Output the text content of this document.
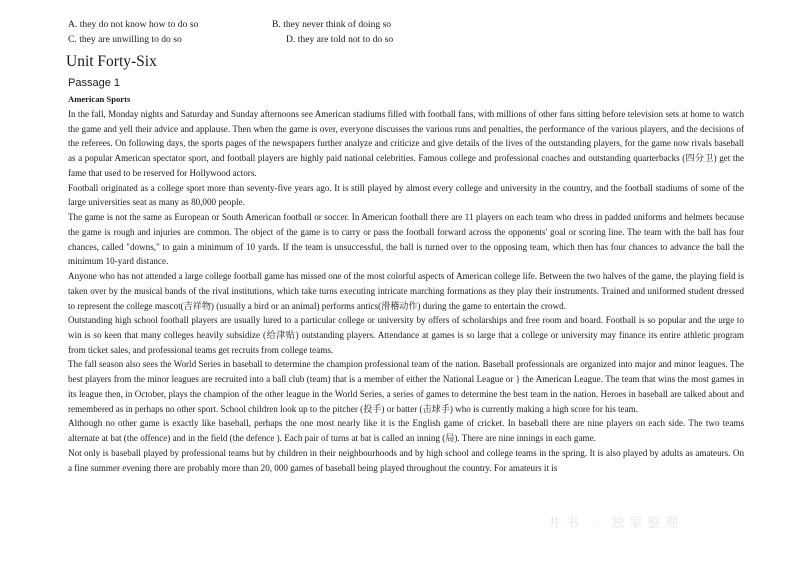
A. they do not know how to do so	B. they never think of doing so
C. they are unwilling to do so	D. they are told not to do so
Unit Forty-Six
Passage 1
American Sports

In the fall, Monday nights and Saturday and Sunday afternoons see American stadiums filled with football fans, with millions of other fans sitting before television sets at home to watch the game and yell their advice and applause. Then when the game is over, everyone discusses the various runs and penalties, the performance of the various players, and the decisions of the referees. On following days, the sports pages of the newspapers further analyze and criticize and give details of the lives of the outstanding players, for the game now rivals baseball as a popular American spectator sport, and football players are highly paid national celebrities. Famous college and professional coaches and outstanding quarterbacks (四分卫) get the fame that used to be reserved for Hollywood actors.

Football originated as a college sport more than seventy-five years ago. It is still played by almost every college and university in the country, and the football stadiums of some of the large universities seat as many as 80,000 people.

The game is not the same as European or South American football or soccer. In American football there are 11 players on each team who dress in padded uniforms and helmets because the game is rough and injuries are common. The object of the game is to carry or pass the football forward across the opponents' goal or scoring line. The team with the ball has four chances, called "downs," to gain a minimum of 10 yards. If the team is unsuccessful, the ball is turned over to the opposing team, which then has four chances to advance the ball the minimum 10-yard distance.

Anyone who has not attended a large college football game has missed one of the most colorful aspects of American college life. Between the two halves of the game, the playing field is taken over by the musical bands of the rival institutions, which take turns executing intricate marching formations as they play their instruments. Trained and uniformed student dressed to represent the college mascot(吉祥物) (usually a bird or an animal) performs antics(滑稽动作) during the game to entertain the crowd.

Outstanding high school football players are usually lured to a particular college or university by offers of scholarships and free room and board. Football is so popular and the urge to win is so keen that many colleges heavily subsidize (给津贴) outstanding players. Attendance at games is so large that a college or university may finance its entire athletic program from ticket sales, and professional teams get recruits from college teams.

The fall season also sees the World Series in baseball to determine the champion professional team of the nation. Baseball professionals are organized into major and minor leagues. The best players from the minor leagues are recruited into a ball club (team) that is a member of either the National League or } the American League. The team that wins the most games in its league then, in October, plays the champion of the other league in the World Series, a series of games to determine the best team in the nation. Heroes in baseball are talked about and remembered as in perhaps no other sport. School children look up to the pitcher (投手) or batter (击球手) who is currently making a high score for his team.

Although no other game is exactly like baseball, perhaps the one most nearly like it is the English game of cricket. In baseball there are nine players on each side. The two teams alternate at bat (the offence) and in the field (the defence ). Each pair of turns at bat is called an inning (局). There are nine innings in each game.

Not only is baseball played by professional teams but by children in their neighbourhoods and by high school and college teams in the spring. It is also played by adults as amateurs. On a fine summer evening there are probably more than 20, 000 games of baseball being played throughout the country. For amateurs it is

井书 · 独家整理
